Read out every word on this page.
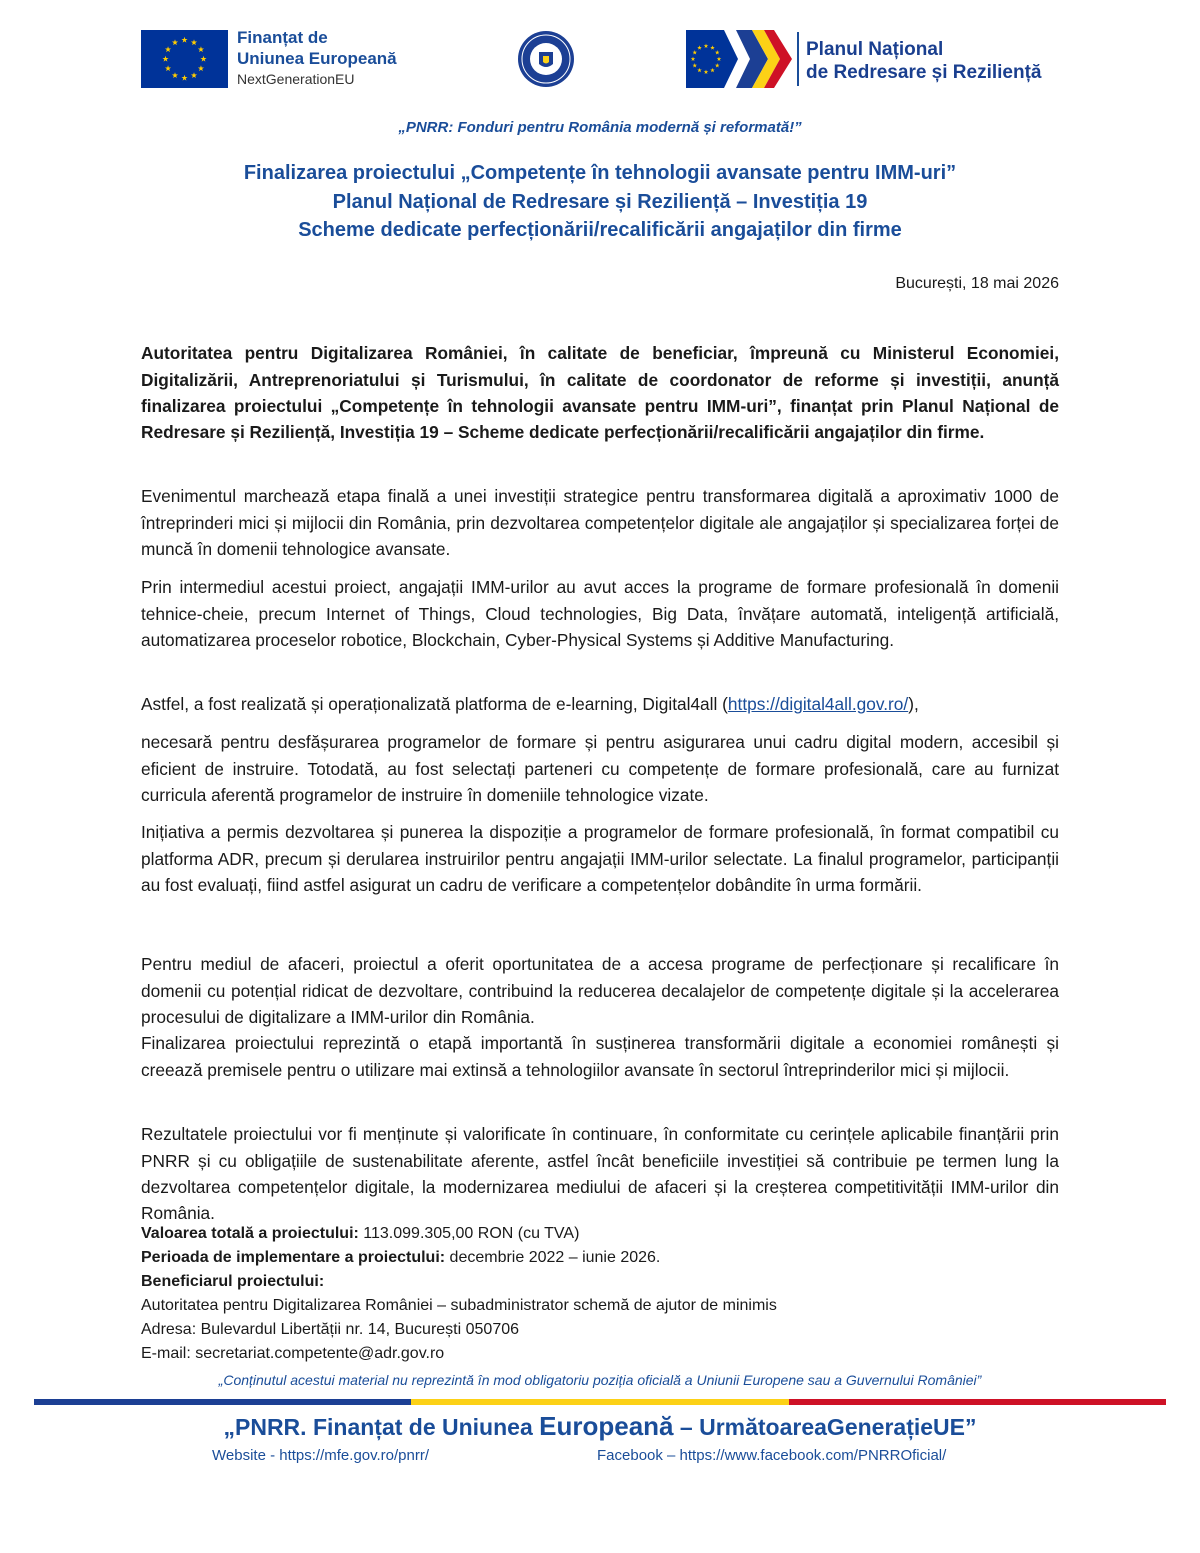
Finanțat de
Uniunea Europeană
NextGenerationEU
Planul Național
de Redresare și Reziliență
„PNRR: Fonduri pentru România modernă și reformată!”
Finalizarea proiectului „Competențe în tehnologii avansate pentru IMM-uri”
Planul Național de Redresare și Reziliență – Investiția 19
Scheme dedicate perfecționării/recalificării angajaților din firme
București, 18 mai 2026

Autoritatea pentru Digitalizarea României, în calitate de beneficiar, împreună cu Ministerul Economiei, Digitalizării, Antreprenoriatului și Turismului, în calitate de coordonator de reforme și investiții, anunță finalizarea proiectului „Competențe în tehnologii avansate pentru IMM-uri”, finanțat prin Planul Național de Redresare și Reziliență, Investiția 19 – Scheme dedicate perfecționării/recalificării angajaților din firme.

Evenimentul marchează etapa finală a unei investiții strategice pentru transformarea digitală a aproximativ 1000 de întreprinderi mici și mijlocii din România, prin dezvoltarea competențelor digitale ale angajaților și specializarea forței de muncă în domenii tehnologice avansate.

Prin intermediul acestui proiect, angajații IMM-urilor au avut acces la programe de formare profesională în domenii tehnice-cheie, precum Internet of Things, Cloud technologies, Big Data, învățare automată, inteligență artificială, automatizarea proceselor robotice, Blockchain, Cyber-Physical Systems și Additive Manufacturing.

Astfel, a fost realizată și operaționalizată platforma de e-learning, Digital4all (https://digital4all.gov.ro/),

necesară pentru desfășurarea programelor de formare și pentru asigurarea unui cadru digital modern, accesibil și eficient de instruire. Totodată, au fost selectați parteneri cu competențe de formare profesională, care au furnizat curricula aferentă programelor de instruire în domeniile tehnologice vizate.

Inițiativa a permis dezvoltarea și punerea la dispoziție a programelor de formare profesională, în format compatibil cu platforma ADR, precum și derularea instruirilor pentru angajații IMM-urilor selectate. La finalul programelor, participanții au fost evaluați, fiind astfel asigurat un cadru de verificare a competențelor dobândite în urma formării.

Pentru mediul de afaceri, proiectul a oferit oportunitatea de a accesa programe de perfecționare și recalificare în domenii cu potențial ridicat de dezvoltare, contribuind la reducerea decalajelor de competențe digitale și la accelerarea procesului de digitalizare a IMM-urilor din România.

Finalizarea proiectului reprezintă o etapă importantă în susținerea transformării digitale a economiei românești și creează premisele pentru o utilizare mai extinsă a tehnologiilor avansate în sectorul întreprinderilor mici și mijlocii.

Rezultatele proiectului vor fi menținute și valorificate în continuare, în conformitate cu cerințele aplicabile finanțării prin PNRR și cu obligațiile de sustenabilitate aferente, astfel încât beneficiile investiției să contribuie pe termen lung la dezvoltarea competențelor digitale, la modernizarea mediului de afaceri și la creșterea competitivității IMM-urilor din România.

Valoarea totală a proiectului: 113.099.305,00 RON (cu TVA)
Perioada de implementare a proiectului: decembrie 2022 – iunie 2026.
Beneficiarul proiectului:
Autoritatea pentru Digitalizarea României – subadministrator schemă de ajutor de minimis
Adresa: Bulevardul Libertății nr. 14, București 050706
E-mail: secretariat.competente@adr.gov.ro
„Conținutul acestui material nu reprezintă în mod obligatoriu poziția oficială a Uniunii Europene sau a Guvernului României”
„PNRR. Finanțat de Uniunea Europeană – UrmătoareaGenerațieUE”
Website - https://mfe.gov.ro/pnrr/	Facebook – https://www.facebook.com/PNRROficial/
